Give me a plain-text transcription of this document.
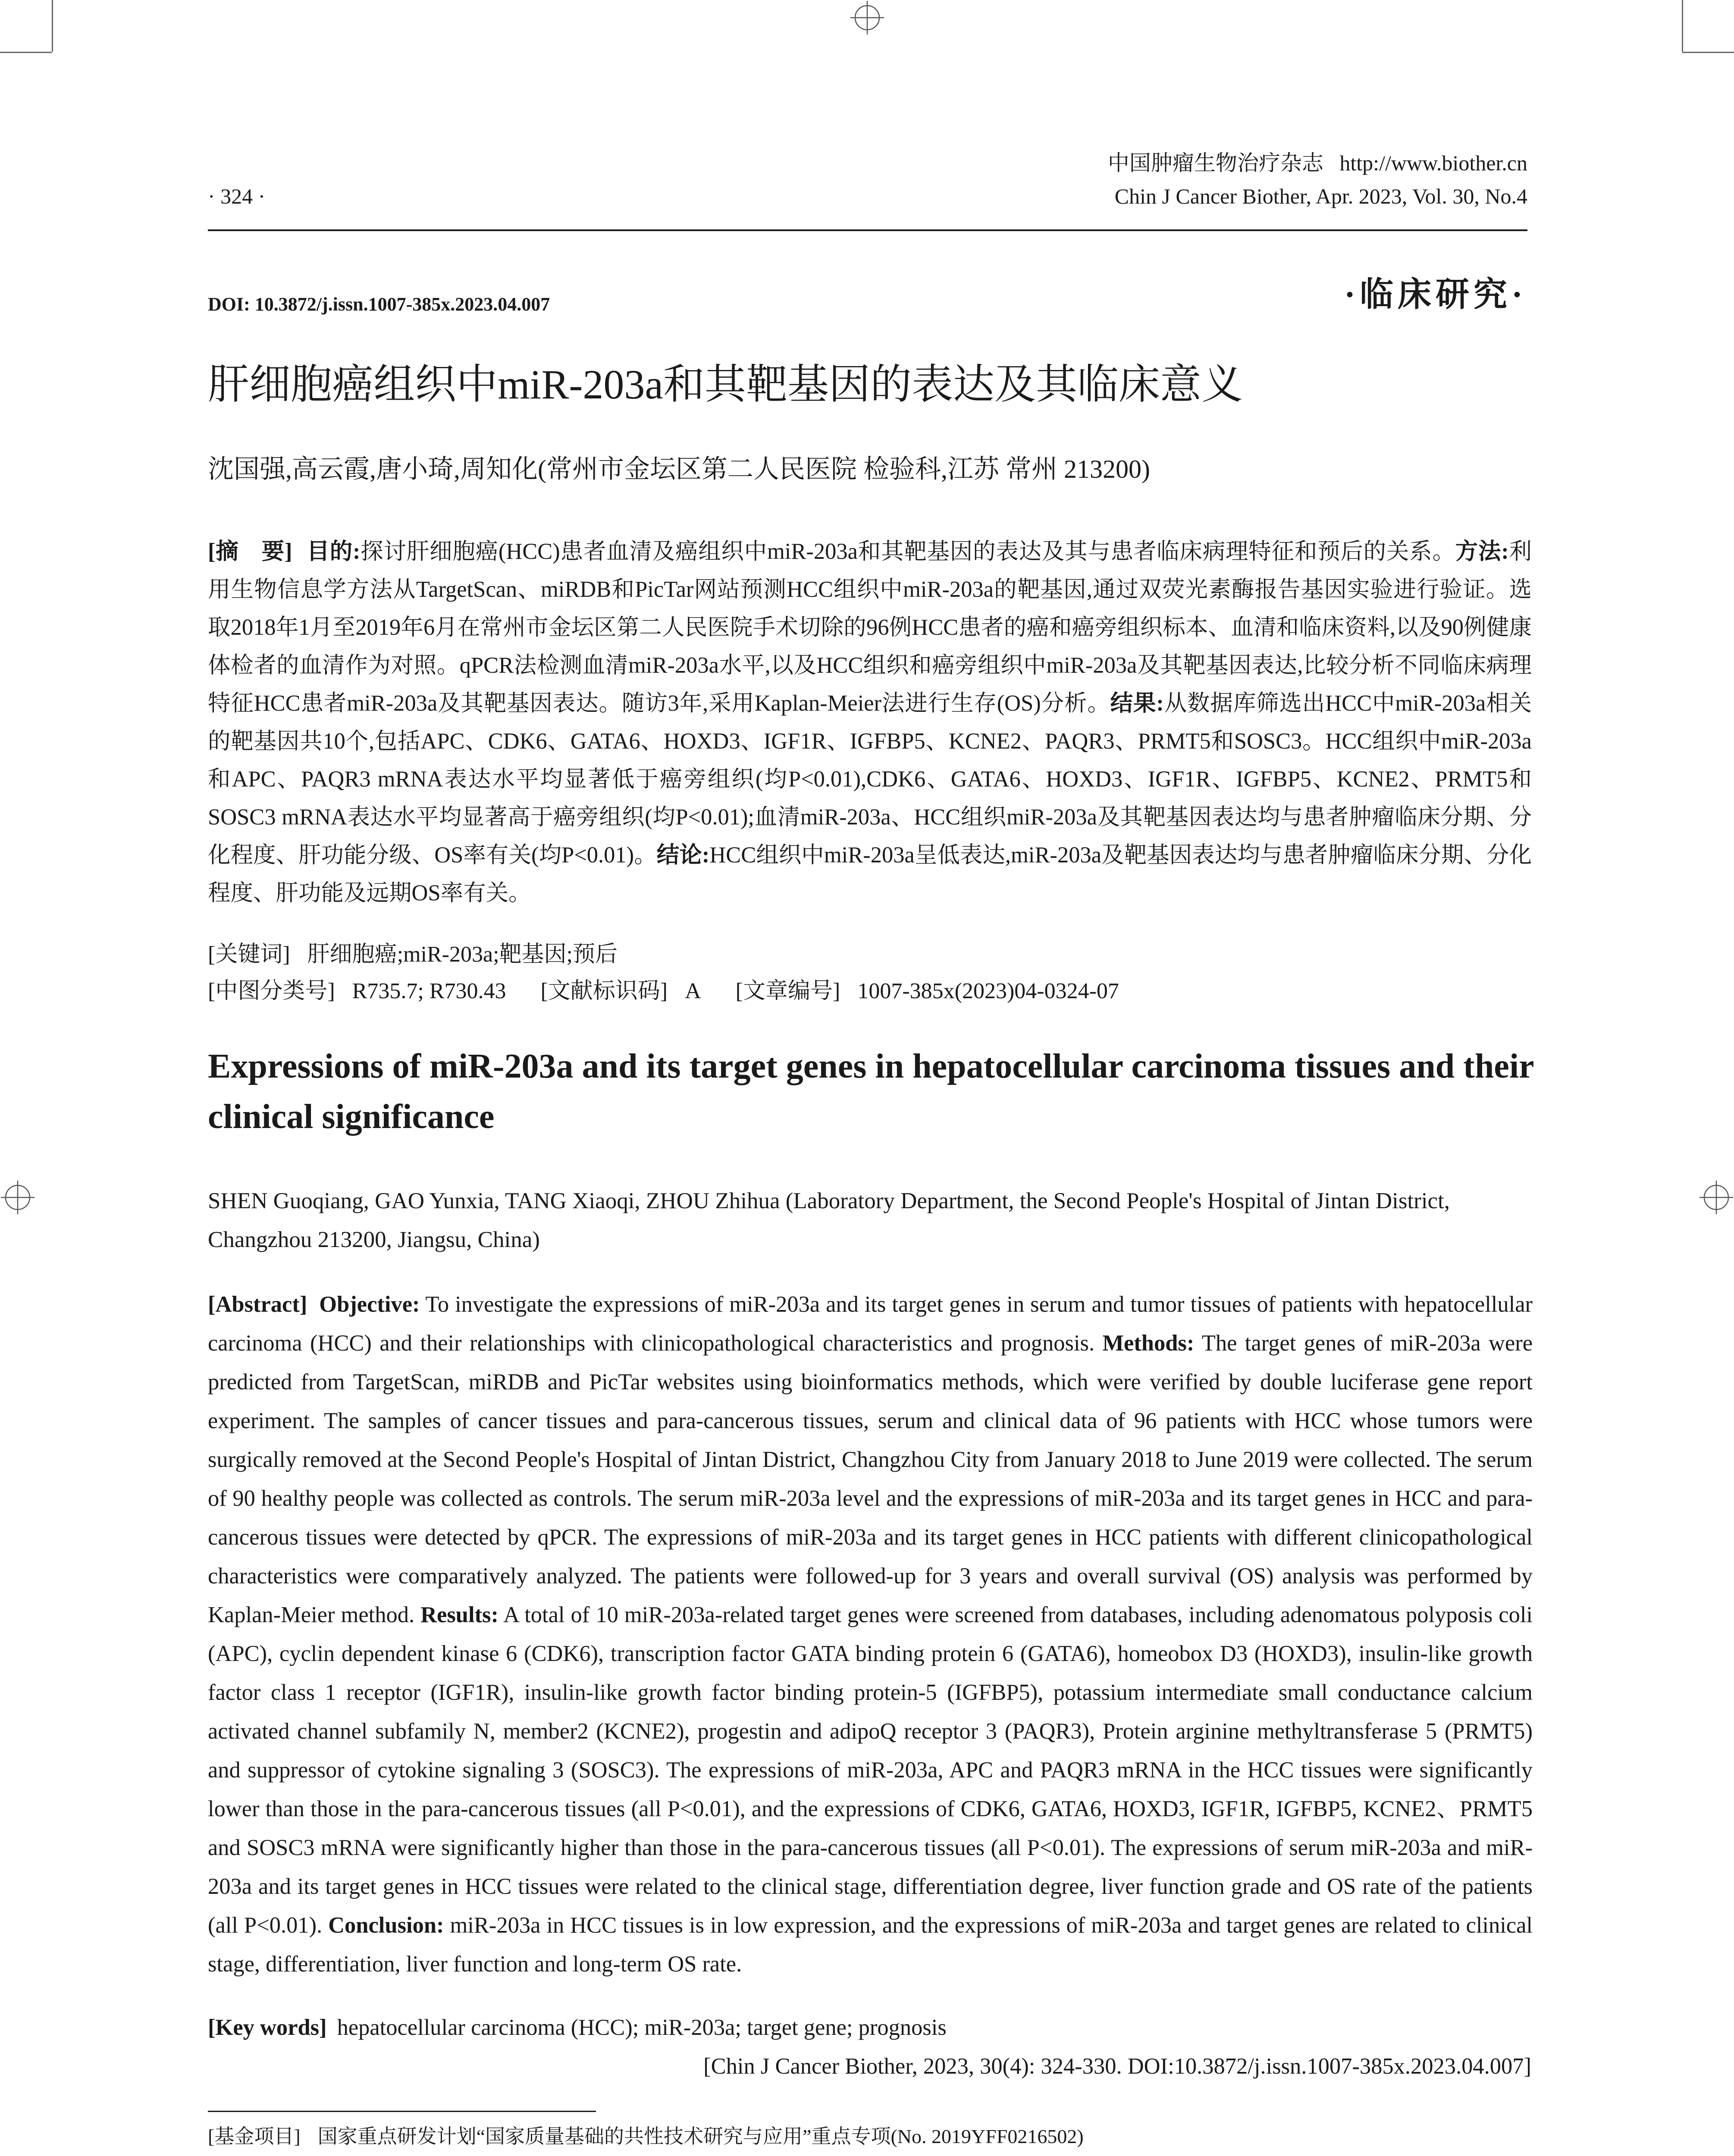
中国肿瘤生物治疗杂志 http://www.biother.cn
· 324 ·	Chin J Cancer Biother, Apr. 2023, Vol. 30, No.4
DOI: 10.3872/j.issn.1007-385x.2023.04.007	·临床研究·
肝细胞癌组织中miR-203a和其靶基因的表达及其临床意义
沈国强,高云霞,唐小琦,周知化(常州市金坛区第二人民医院 检验科,江苏 常州 213200)
[摘　要] 目的:探讨肝细胞癌(HCC)患者血清及癌组织中miR-203a和其靶基因的表达及其与患者临床病理特征和预后的关系。方法:利用生物信息学方法从TargetScan、miRDB和PicTar网站预测HCC组织中miR-203a的靶基因,通过双荧光素酶报告基因实验进行验证。选取2018年1月至2019年6月在常州市金坛区第二人民医院手术切除的96例HCC患者的癌和癌旁组织标本、血清和临床资料,以及90例健康体检者的血清作为对照。qPCR法检测血清miR-203a水平,以及HCC组织和癌旁组织中miR-203a及其靶基因表达,比较分析不同临床病理特征HCC患者miR-203a及其靶基因表达。随访3年,采用Kaplan-Meier法进行生存(OS)分析。结果:从数据库筛选出HCC中miR-203a相关的靶基因共10个,包括APC、CDK6、GATA6、HOXD3、IGF1R、IGFBP5、KCNE2、PAQR3、PRMT5和SOSC3。HCC组织中miR-203a和APC、PAQR3 mRNA表达水平均显著低于癌旁组织(均P<0.01),CDK6、GATA6、HOXD3、IGF1R、IGFBP5、KCNE2、PRMT5和SOSC3 mRNA表达水平均显著高于癌旁组织(均P<0.01);血清miR-203a、HCC组织miR-203a及其靶基因表达均与患者肿瘤临床分期、分化程度、肝功能分级、OS率有关(均P<0.01)。结论:HCC组织中miR-203a呈低表达,miR-203a及靶基因表达均与患者肿瘤临床分期、分化程度、肝功能及远期OS率有关。
[关键词] 肝细胞癌;miR-203a;靶基因;预后
[中图分类号] R735.7; R730.43 [文献标识码] A [文章编号] 1007-385x(2023)04-0324-07
Expressions of miR-203a and its target genes in hepatocellular carcinoma tissues and their clinical significance
SHEN Guoqiang, GAO Yunxia, TANG Xiaoqi, ZHOU Zhihua (Laboratory Department, the Second People's Hospital of Jintan District, Changzhou 213200, Jiangsu, China)
[Abstract] Objective: To investigate the expressions of miR-203a and its target genes in serum and tumor tissues of patients with hepatocellular carcinoma (HCC) and their relationships with clinicopathological characteristics and prognosis. Methods: The target genes of miR-203a were predicted from TargetScan, miRDB and PicTar websites using bioinformatics methods, which were verified by double luciferase gene report experiment. The samples of cancer tissues and para-cancerous tissues, serum and clinical data of 96 patients with HCC whose tumors were surgically removed at the Second People's Hospital of Jintan District, Changzhou City from January 2018 to June 2019 were collected. The serum of 90 healthy people was collected as controls. The serum miR-203a level and the expressions of miR-203a and its target genes in HCC and para-cancerous tissues were detected by qPCR. The expressions of miR-203a and its target genes in HCC patients with different clinicopathological characteristics were comparatively analyzed. The patients were followed-up for 3 years and overall survival (OS) analysis was performed by Kaplan-Meier method. Results: A total of 10 miR-203a-related target genes were screened from databases, including adenomatous polyposis coli (APC), cyclin dependent kinase 6 (CDK6), transcription factor GATA binding protein 6 (GATA6), homeobox D3 (HOXD3), insulin-like growth factor class 1 receptor (IGF1R), insulin-like growth factor binding protein-5 (IGFBP5), potassium intermediate small conductance calcium activated channel subfamily N, member2 (KCNE2), progestin and adipoQ receptor 3 (PAQR3), Protein arginine methyltransferase 5 (PRMT5) and suppressor of cytokine signaling 3 (SOSC3). The expressions of miR-203a, APC and PAQR3 mRNA in the HCC tissues were significantly lower than those in the para-cancerous tissues (all P<0.01), and the expressions of CDK6, GATA6, HOXD3, IGF1R, IGFBP5, KCNE2、PRMT5 and SOSC3 mRNA were significantly higher than those in the para-cancerous tissues (all P<0.01). The expressions of serum miR-203a and miR-203a and its target genes in HCC tissues were related to the clinical stage, differentiation degree, liver function grade and OS rate of the patients (all P<0.01). Conclusion: miR-203a in HCC tissues is in low expression, and the expressions of miR-203a and target genes are related to clinical stage, differentiation, liver function and long-term OS rate.
[Key words] hepatocellular carcinoma (HCC); miR-203a; target gene; prognosis
[Chin J Cancer Biother, 2023, 30(4): 324-330. DOI:10.3872/j.issn.1007-385x.2023.04.007]
[基金项目] 国家重点研发计划“国家质量基础的共性技术研究与应用”重点专项(No. 2019YFF0216502)
